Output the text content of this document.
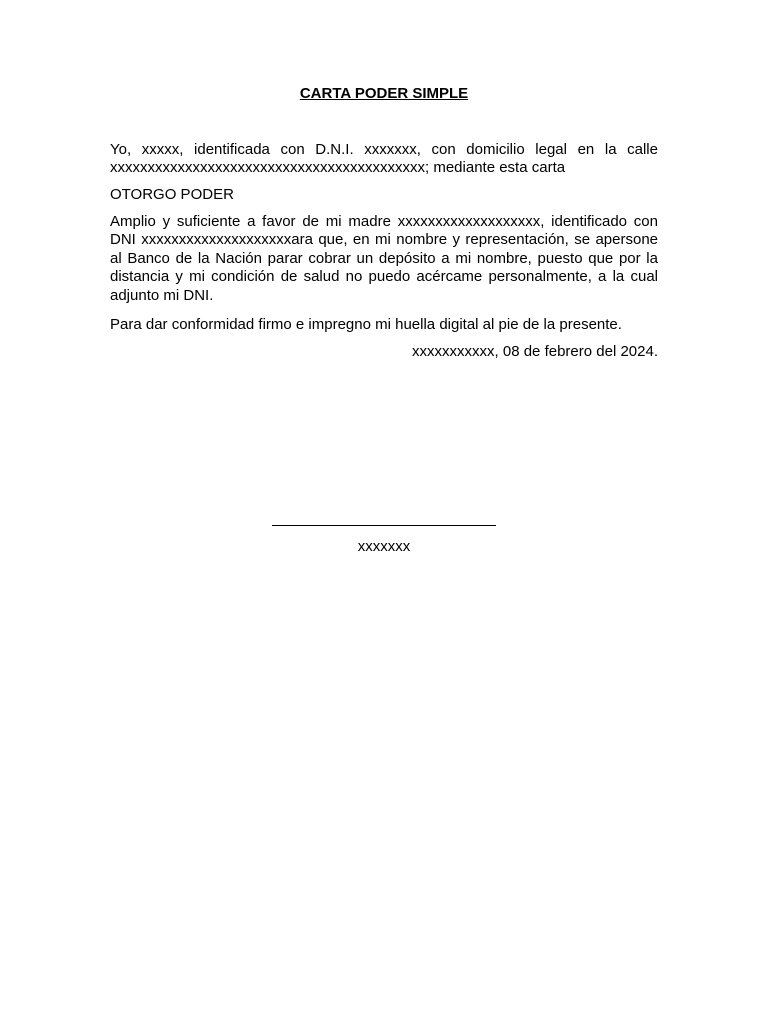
CARTA PODER SIMPLE
Yo, xxxxx, identificada con D.N.I. xxxxxxx, con domicilio legal en la calle
xxxxxxxxxxxxxxxxxxxxxxxxxxxxxxxxxxxxxxxxxx; mediante esta carta
OTORGO PODER
Amplio y suficiente a favor de mi madre xxxxxxxxxxxxxxxxxxx, identificado con
DNI xxxxxxxxxxxxxxxxxxxxara que, en mi nombre y representación, se apersone
al Banco de la Nación parar cobrar un depósito a mi nombre, puesto que por la
distancia y mi condición de salud no puedo acércame personalmente, a la cual
adjunto mi DNI.
Para dar conformidad firmo e impregno mi huella digital al pie de la presente.
xxxxxxxxxxx, 08 de febrero del 2024.
xxxxxxx
